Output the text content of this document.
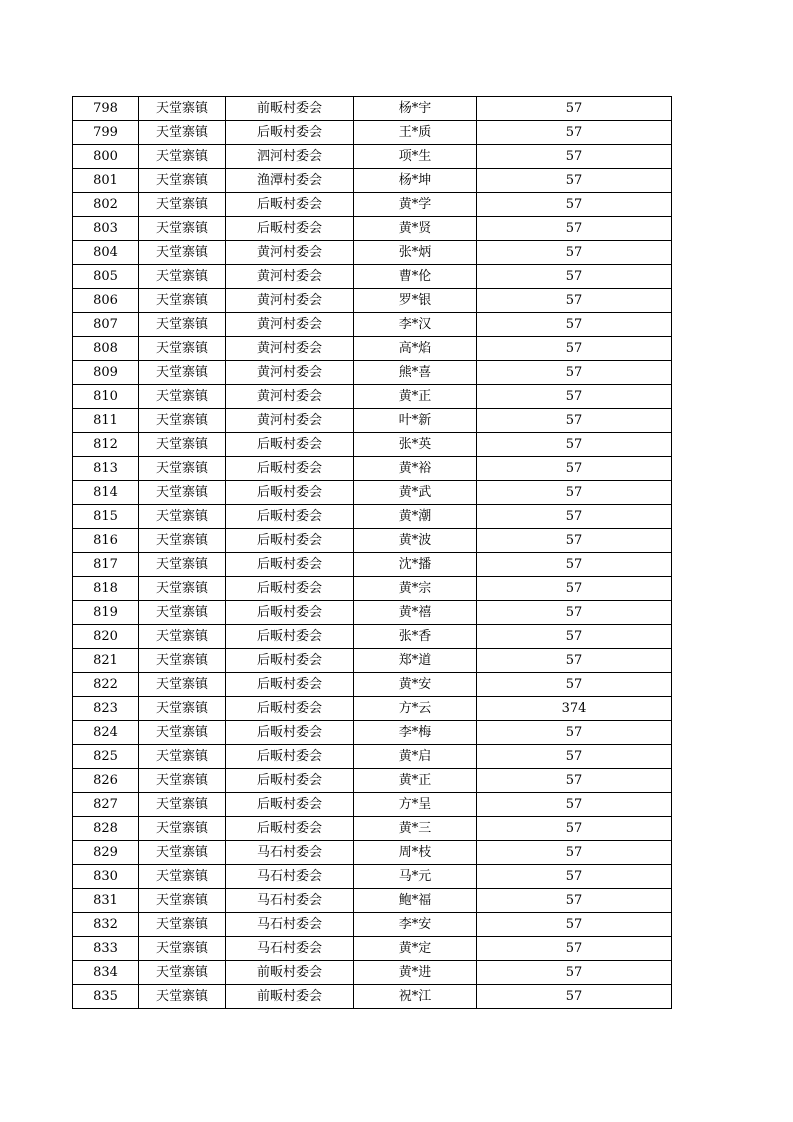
798	天堂寨镇	前畈村委会	杨*宇	57
799	天堂寨镇	后畈村委会	王*质	57
800	天堂寨镇	泗河村委会	项*生	57
801	天堂寨镇	渔潭村委会	杨*坤	57
802	天堂寨镇	后畈村委会	黄*学	57
803	天堂寨镇	后畈村委会	黄*贤	57
804	天堂寨镇	黄河村委会	张*炳	57
805	天堂寨镇	黄河村委会	曹*伦	57
806	天堂寨镇	黄河村委会	罗*银	57
807	天堂寨镇	黄河村委会	李*汉	57
808	天堂寨镇	黄河村委会	高*焰	57
809	天堂寨镇	黄河村委会	熊*喜	57
810	天堂寨镇	黄河村委会	黄*正	57
811	天堂寨镇	黄河村委会	叶*新	57
812	天堂寨镇	后畈村委会	张*英	57
813	天堂寨镇	后畈村委会	黄*裕	57
814	天堂寨镇	后畈村委会	黄*武	57
815	天堂寨镇	后畈村委会	黄*潮	57
816	天堂寨镇	后畈村委会	黄*波	57
817	天堂寨镇	后畈村委会	沈*播	57
818	天堂寨镇	后畈村委会	黄*宗	57
819	天堂寨镇	后畈村委会	黄*禧	57
820	天堂寨镇	后畈村委会	张*香	57
821	天堂寨镇	后畈村委会	郑*道	57
822	天堂寨镇	后畈村委会	黄*安	57
823	天堂寨镇	后畈村委会	方*云	374
824	天堂寨镇	后畈村委会	李*梅	57
825	天堂寨镇	后畈村委会	黄*启	57
826	天堂寨镇	后畈村委会	黄*正	57
827	天堂寨镇	后畈村委会	方*呈	57
828	天堂寨镇	后畈村委会	黄*三	57
829	天堂寨镇	马石村委会	周*枝	57
830	天堂寨镇	马石村委会	马*元	57
831	天堂寨镇	马石村委会	鲍*福	57
832	天堂寨镇	马石村委会	李*安	57
833	天堂寨镇	马石村委会	黄*定	57
834	天堂寨镇	前畈村委会	黄*进	57
835	天堂寨镇	前畈村委会	祝*江	57
